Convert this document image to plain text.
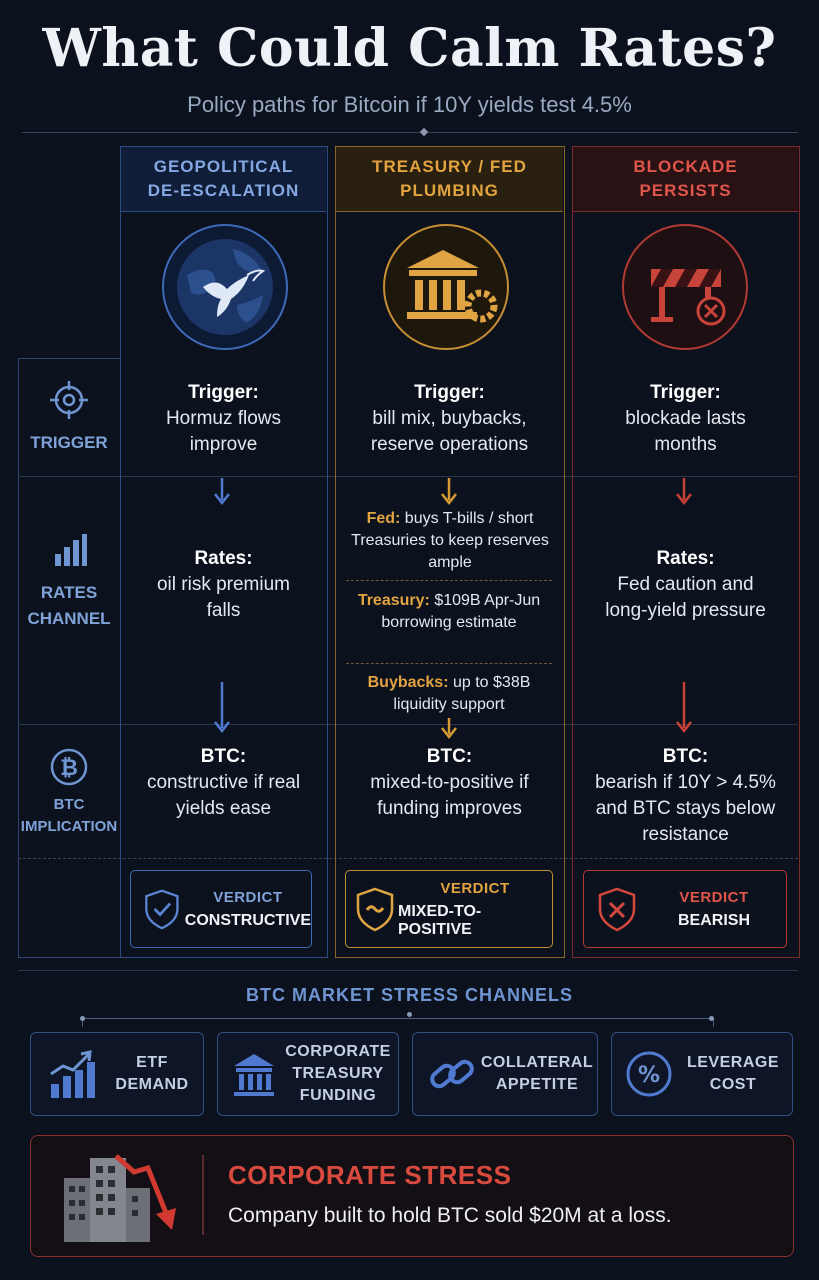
What Could Calm Rates?
Policy paths for Bitcoin if 10Y yields test 4.5%
TRIGGER
RATES CHANNEL
₿
BTC IMPLICATION
GEOPOLITICAL DE-ESCALATION
Trigger:
Hormuz flows improve
Rates:
oil risk premium falls
BTC:
constructive if real yields ease
VERDICT
CONSTRUCTIVE
TREASURY / FED PLUMBING
Trigger:
bill mix, buybacks, reserve operations
Fed: buys T-bills / short Treasuries to keep reserves ample
Treasury: $109B Apr-Jun borrowing estimate
Buybacks: up to $38B liquidity support
BTC:
mixed-to-positive if funding improves
VERDICT
MIXED-TO-POSITIVE
BLOCKADE PERSISTS
Trigger:
blockade lasts months
Rates:
Fed caution and long-yield pressure
BTC:
bearish if 10Y > 4.5% and BTC stays below resistance
VERDICT
BEARISH
BTC MARKET STRESS CHANNELS
ETF DEMAND
CORPORATE TREASURY FUNDING
COLLATERAL APPETITE	%
LEVERAGE COST
CORPORATE STRESS
Company built to hold BTC sold $20M at a loss.
